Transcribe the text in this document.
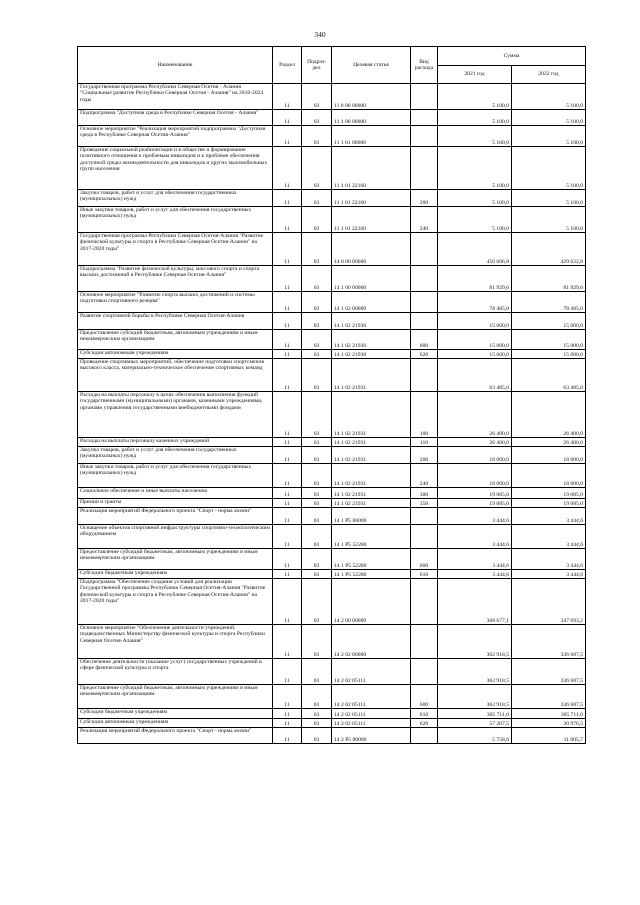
340
Наименование	Раздел	Подраз-дел	Целевая статья	Вид расхода	Сумма	
					2021 год	2022 год
Государственная программа Республики Северная Осетия - Алания "Социальные развитие Республики Северная Осетия - Алания" на 2016-2024 годы	11	03	11 0 00 00000		5 100,0	5 100,0
Подпрограмма "Доступная среда в Республике Северная Осетия - Алания"	11	03	11 1 00 00000		5 100,0	5 100,0
Основное мероприятие "Реализация мероприятий подпрограммы "Доступная среда в Республике Северная Осетия-Алания"	11	03	11 1 01 00000		5 100,0	5 100,0
Проведение социальной реабилитации и в обществе и формирование позитивного отношения к проблемам инвалидов и к проблеме обеспечения доступной среды жизнедеятельности для инвалидов и других маломобильных групп населения	11	03	11 1 01 22160		5 100,0	5 100,0
Закупка товаров, работ и услуг для обеспечения государственных (муниципальных) нужд	11	03	11 1 01 22160	200	5 100,0	5 100,0
Иные закупки товаров, работ и услуг для обеспечения государственных (муниципальных) нужд	11	03	11 1 01 22160	240	5 100,0	5 100,0
Государственная программа Республики Северная Осетия-Алания "Развитие физической культуры и спорта в Республике Северная Осетия-Алания" на 2017-2020 годы"	11	03	14 0 00 00000		450 606,8	429 622,8
Подпрограмма "Развитие физической культуры, массового спорта и спорта высших достижений в Республике Северная Осетия-Алания"	11	03	14 1 00 00000		81 929,6	81 929,6
Основное мероприятие "Развитие спорта высших достижений и системы подготовки спортивного резерва"	11	03	14 1 02 00000		78 485,0	78 485,0
Развитие спортивной борьбы в Республике Северная Осетия-Алания	11	03	14 1 02 21930		15 000,0	15 000,0
Предоставление субсидий бюджетным, автономным учреждениям и иным некоммерческим организациям	11	03	14 1 02 21930	600	15 000,0	15 000,0
Субсидии автономным учреждениям	11	03	14 1 02 21930	620	15 000,0	15 000,0
Проведение спортивных мероприятий, обеспечение подготовки спортсменов высокого класса, материально-техническое обеспечение спортивных команд	11	03	14 1 02 21931		63 485,0	63 485,0
Расходы на выплаты персоналу в целях обеспечения выполнения функций государственными (муниципальными) органами, казенными учреждениями, органами управления государственными внебюджетными фондами	11	03	14 1 02 21931	100	26 400,0	26 400,0
Расходы на выплаты персоналу казенных учреждений	11	03	14 1 02 21931	110	26 400,0	26 400,0
Закупка товаров, работ и услуг для обеспечения государственных (муниципальных) нужд	11	03	14 1 02 21931	200	18 000,0	18 000,0
Иные закупки товаров, работ и услуг для обеспечения государственных (муниципальных) нужд	11	03	14 1 02 21931	240	18 000,0	18 000,0
Социальное обеспечение и иные выплаты населению	11	03	14 1 02 21931	300	19 085,0	19 085,0
Премии и гранты	11	03	14 1 02 21931	350	19 085,0	19 085,0
Реализация мероприятий Федерального проекта "Спорт - норма жизни"	11	03	14 1 P5 00000		3 444,6	3 444,6
Оснащение объектов спортивной инфраструктуры спортивно-технологическим оборудованием	11	03	14 1 P5 52280		3 444,6	3 444,6
Предоставление субсидий бюджетным, автономным учреждениям и иным некоммерческим организациям	11	03	14 1 P5 52280	600	3 444,6	3 444,6
Субсидии бюджетным учреждениям	11	03	14 1 P5 52280	610	3 444,6	3 444,6
Подпрограмма "Обеспечение создания условий для реализации Государственной программы Республики Северная Осетия-Алания "Развитие физической культуры и спорта в Республике Северная Осетия-Алания" на 2017-2020 годы"	11	03	14 2 00 00000		368 677,1	347 693,2
Основное мероприятие "Обеспечение деятельности учреждений, подведомственных Министерству физической культуры и спорта Республики Северная Осетия-Алания"	11	03	14 2 02 00000		362 918,5	336 687,5
Обеспечение деятельности (оказание услуг) государственных учреждений в сфере физической культуры и спорта	11	03	14 2 02 05111		362 918,5	336 687,5
Предоставление субсидий бюджетным, автономным учреждениям и иным некоммерческим организациям	11	03	14 2 02 05111	600	362 918,5	336 687,5
Субсидии бюджетным учреждениям	11	03	14 2 02 05111	610	305 711,0	305 711,0
Субсидии автономным учреждениям	11	03	14 2 02 05111	620	57 207,5	30 976,5
Реализация мероприятий Федерального проекта "Спорт - норма жизни"	11	03	14 2 P5 00000		5 758,6	11 005,7
